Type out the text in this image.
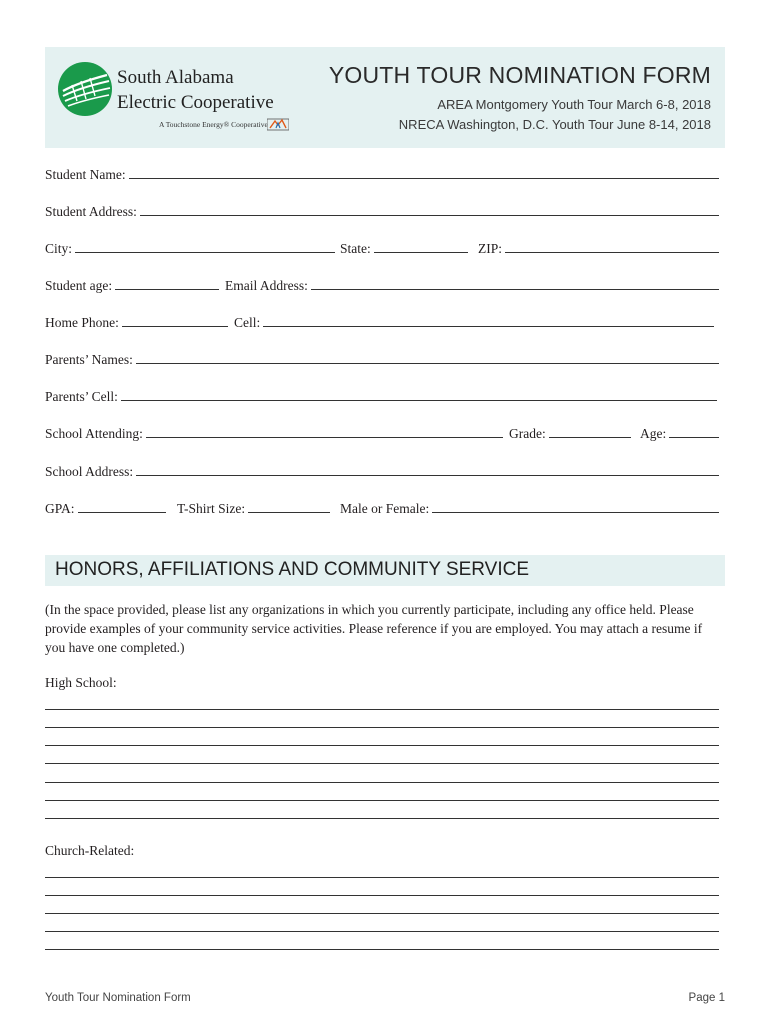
South Alabama
Electric Cooperative
A Touchstone Energy® Cooperative
YOUTH TOUR NOMINATION FORM
AREA Montgomery Youth Tour March 6-8, 2018
NRECA Washington, D.C. Youth Tour June 8-14, 2018
Student Name:
Student Address:
City:	State:	ZIP:
Student age:	Email Address:
Home Phone:	Cell:
Parents’ Names:
Parents’ Cell:
School Attending:	Grade:	Age:
School Address:
GPA:	T-Shirt Size:	Male or Female:
HONORS, AFFILIATIONS AND COMMUNITY SERVICE
(In the space provided, please list any organizations in which you currently participate, including any office held. Please provide examples of your community service activities. Please reference if you are employed. You may attach a resume if you have one completed.)
High School:
Church-Related:
Youth Tour Nomination Form	Page 1
